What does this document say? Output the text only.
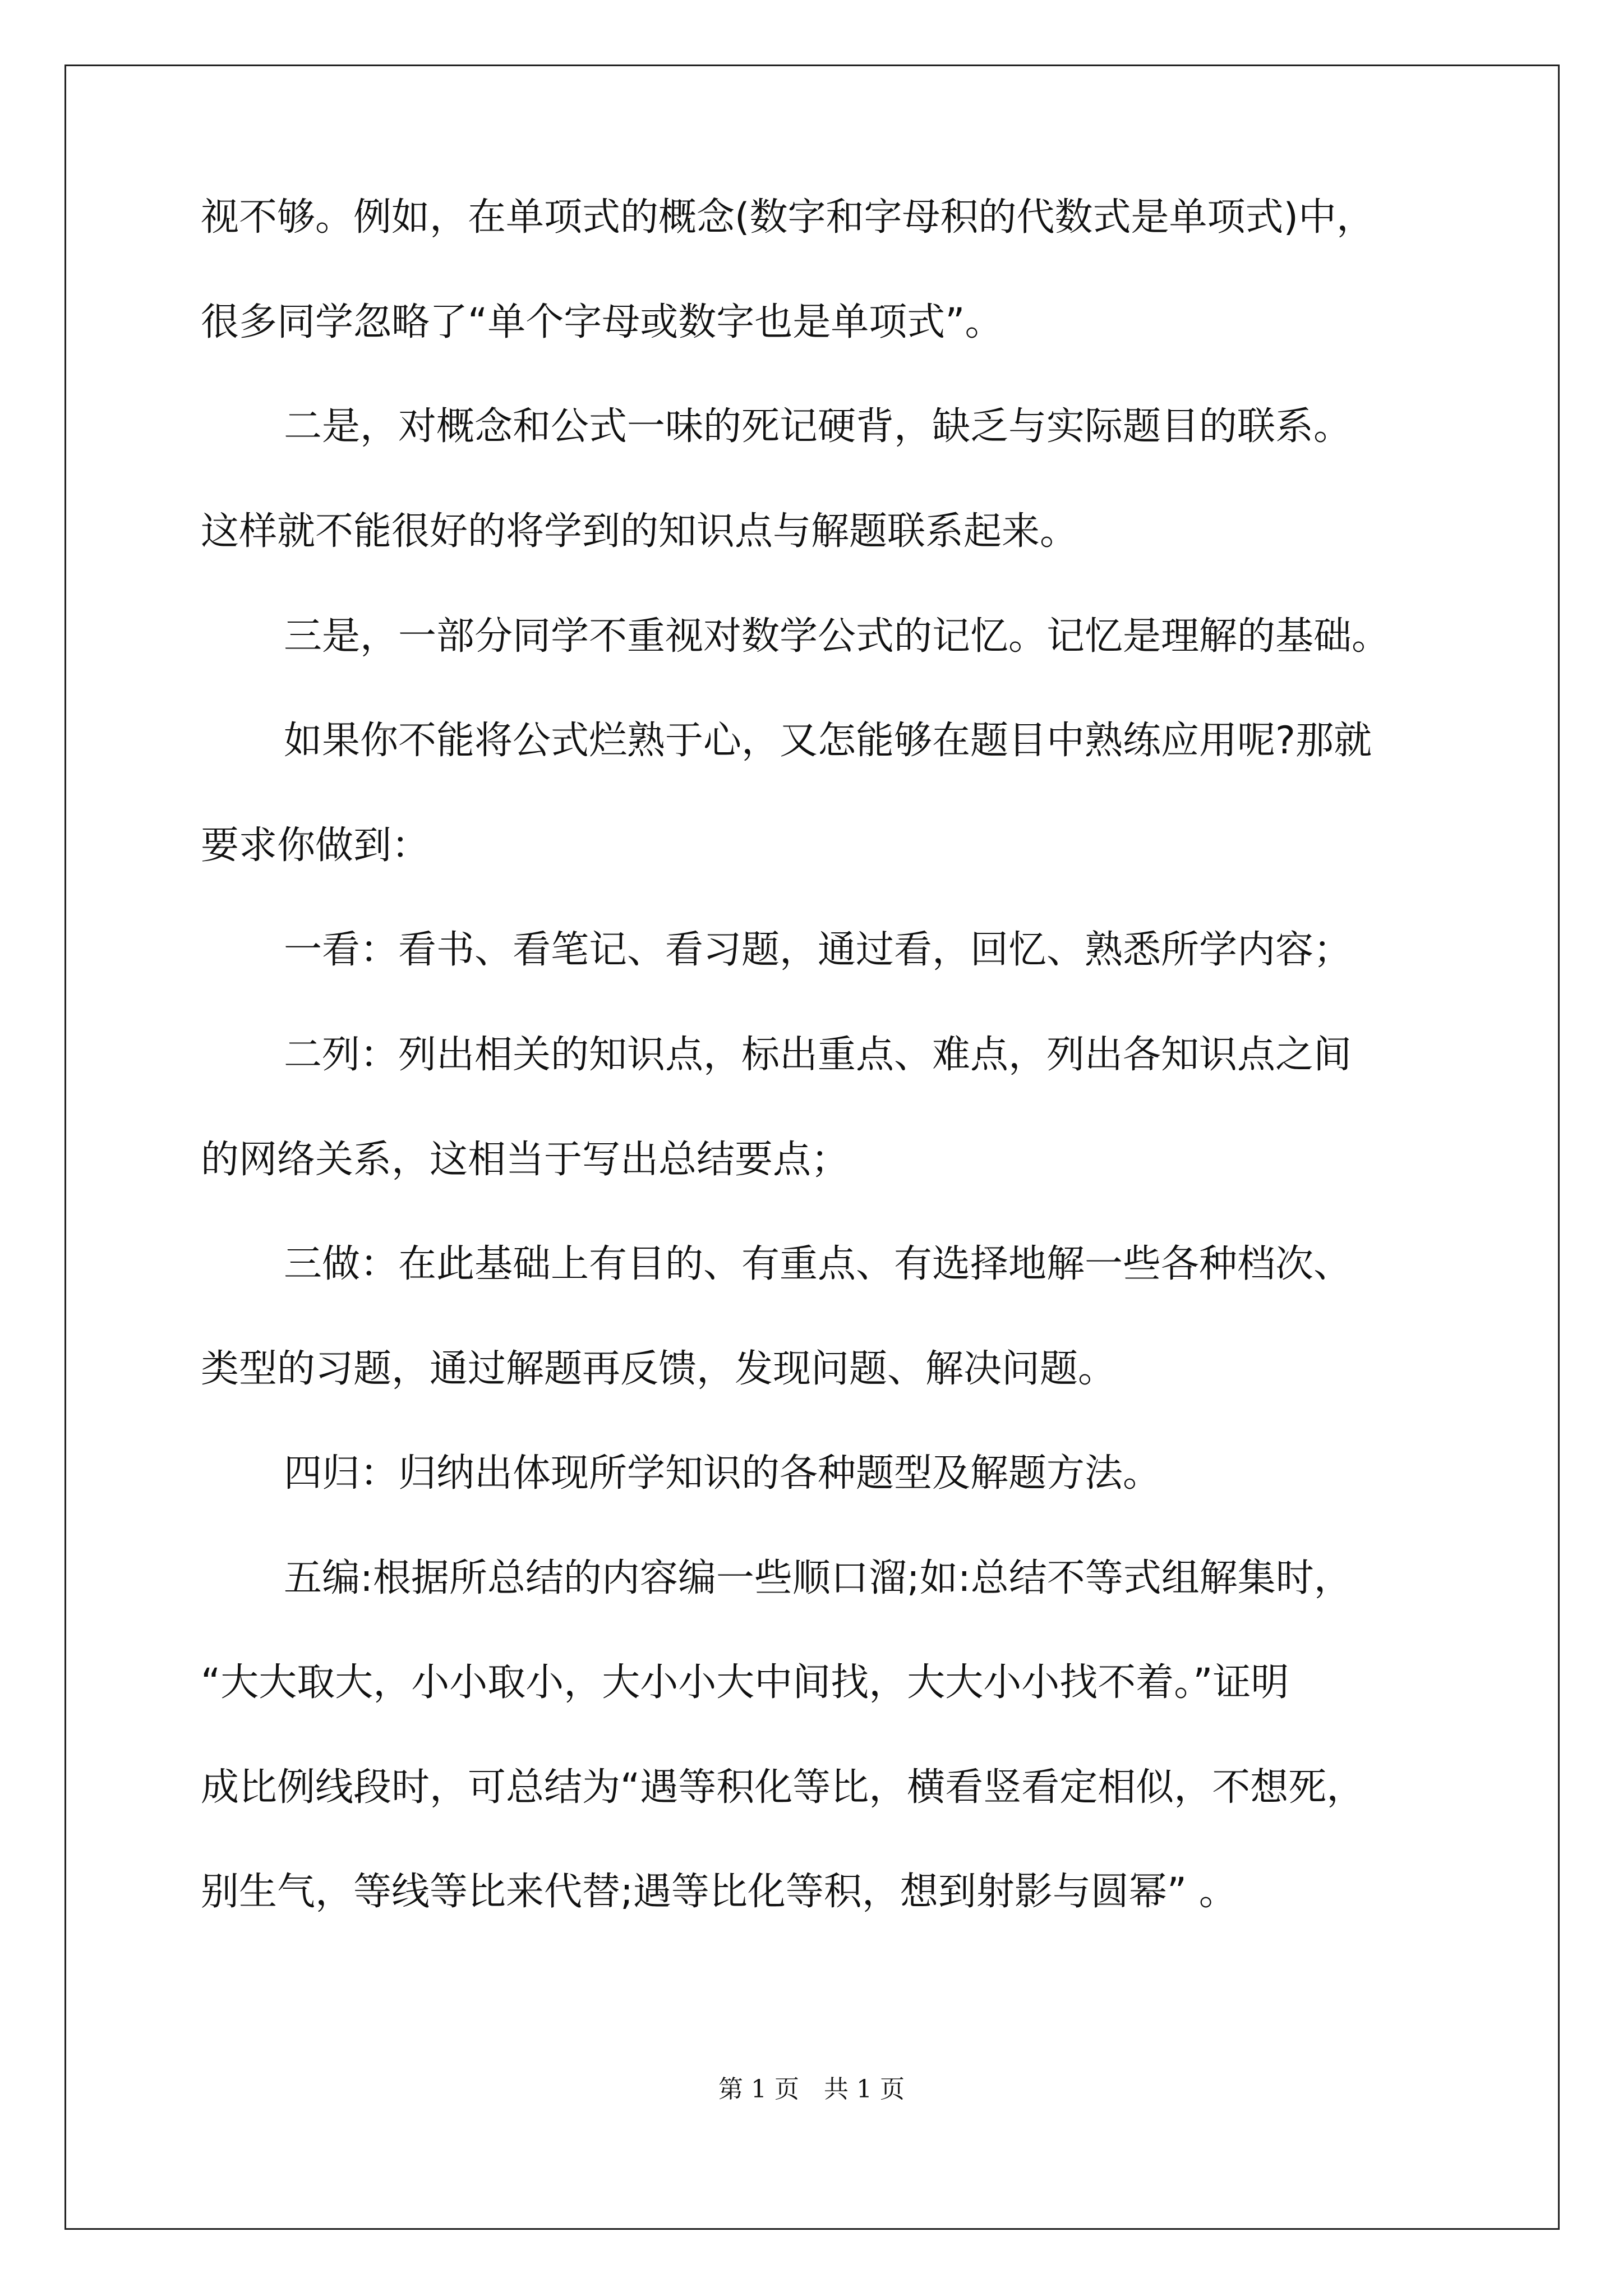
视不够。例如，在单项式的概念(数字和字母积的代数式是单项式)中，
很多同学忽略了“单个字母或数字也是单项式”。
二是，对概念和公式一味的死记硬背，缺乏与实际题目的联系。
这样就不能很好的将学到的知识点与解题联系起来。
三是，一部分同学不重视对数学公式的记忆。记忆是理解的基础。
如果你不能将公式烂熟于心，又怎能够在题目中熟练应用呢?那就
要求你做到：
一看：看书、看笔记、看习题，通过看，回忆、熟悉所学内容；
二列：列出相关的知识点，标出重点、难点，列出各知识点之间
的网络关系，这相当于写出总结要点；
三做：在此基础上有目的、有重点、有选择地解一些各种档次、
类型的习题，通过解题再反馈，发现问题、解决问题。
四归：归纳出体现所学知识的各种题型及解题方法。
五编:根据所总结的内容编一些顺口溜;如:总结不等式组解集时，
“大大取大，小小取小，大小小大中间找，大大小小找不着。”证明
成比例线段时，可总结为“遇等积化等比，横看竖看定相似，不想死，
别生气，等线等比来代替;遇等比化等积，想到射影与圆幂” 。
第 1 页　共 1 页
